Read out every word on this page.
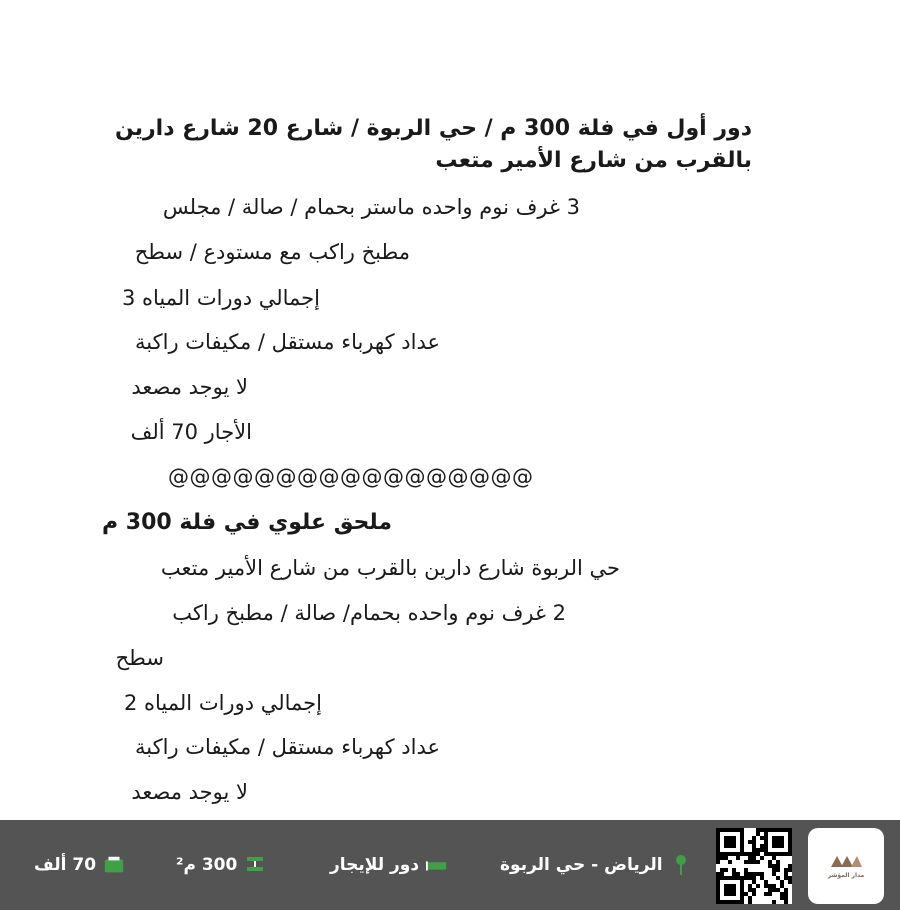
دور أول في فلة 300 م / حي الربوة / شارع 20 شارع دارين
بالقرب من شارع الأمير متعب
3 غرف نوم واحده ماستر بحمام / صالة / مجلس
مطبخ راكب مع مستودع / سطح
إجمالي دورات المياه 3
عداد كهرباء مستقل / مكيفات راكبة
لا يوجد مصعد
الأجار 70 ألف
@@@@@@@@@@@@@@@@@
ملحق علوي في فلة 300 م
حي الربوة شارع دارين بالقرب من شارع الأمير متعب
2 غرف نوم واحده بحمام/ صالة / مطبخ راكب
سطح
إجمالي دورات المياه 2
عداد كهرباء مستقل / مكيفات راكبة
لا يوجد مصعد
الرياض - حي الربوة
دور للإيجار
300 م²
70 ألف
مدار المؤشر
